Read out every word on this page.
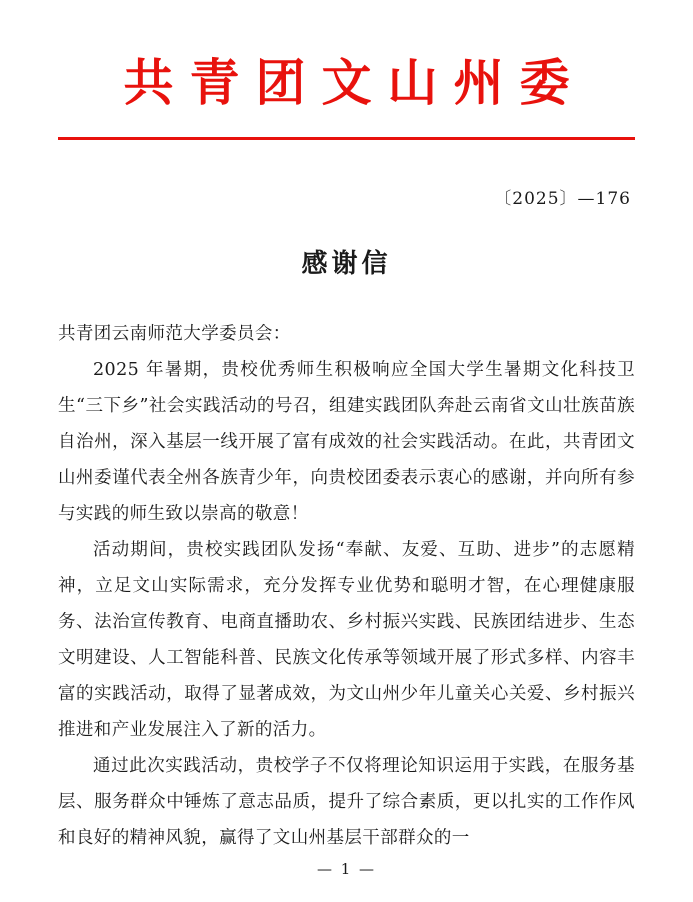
共青团文山州委
〔2025〕—176
感谢信

共青团云南师范大学委员会：

2025 年暑期，贵校优秀师生积极响应全国大学生暑期文化科技卫生“三下乡”社会实践活动的号召，组建实践团队奔赴云南省文山壮族苗族自治州，深入基层一线开展了富有成效的社会实践活动。在此，共青团文山州委谨代表全州各族青少年，向贵校团委表示衷心的感谢，并向所有参与实践的师生致以崇高的敬意！

活动期间，贵校实践团队发扬“奉献、友爱、互助、进步”的志愿精神，立足文山实际需求，充分发挥专业优势和聪明才智，在心理健康服务、法治宣传教育、电商直播助农、乡村振兴实践、民族团结进步、生态文明建设、人工智能科普、民族文化传承等领域开展了形式多样、内容丰富的实践活动，取得了显著成效，为文山州少年儿童关心关爱、乡村振兴推进和产业发展注入了新的活力。

通过此次实践活动，贵校学子不仅将理论知识运用于实践，在服务基层、服务群众中锤炼了意志品质，提升了综合素质，更以扎实的工作作风和良好的精神风貌，赢得了文山州基层干部群众的一

— 1 —
